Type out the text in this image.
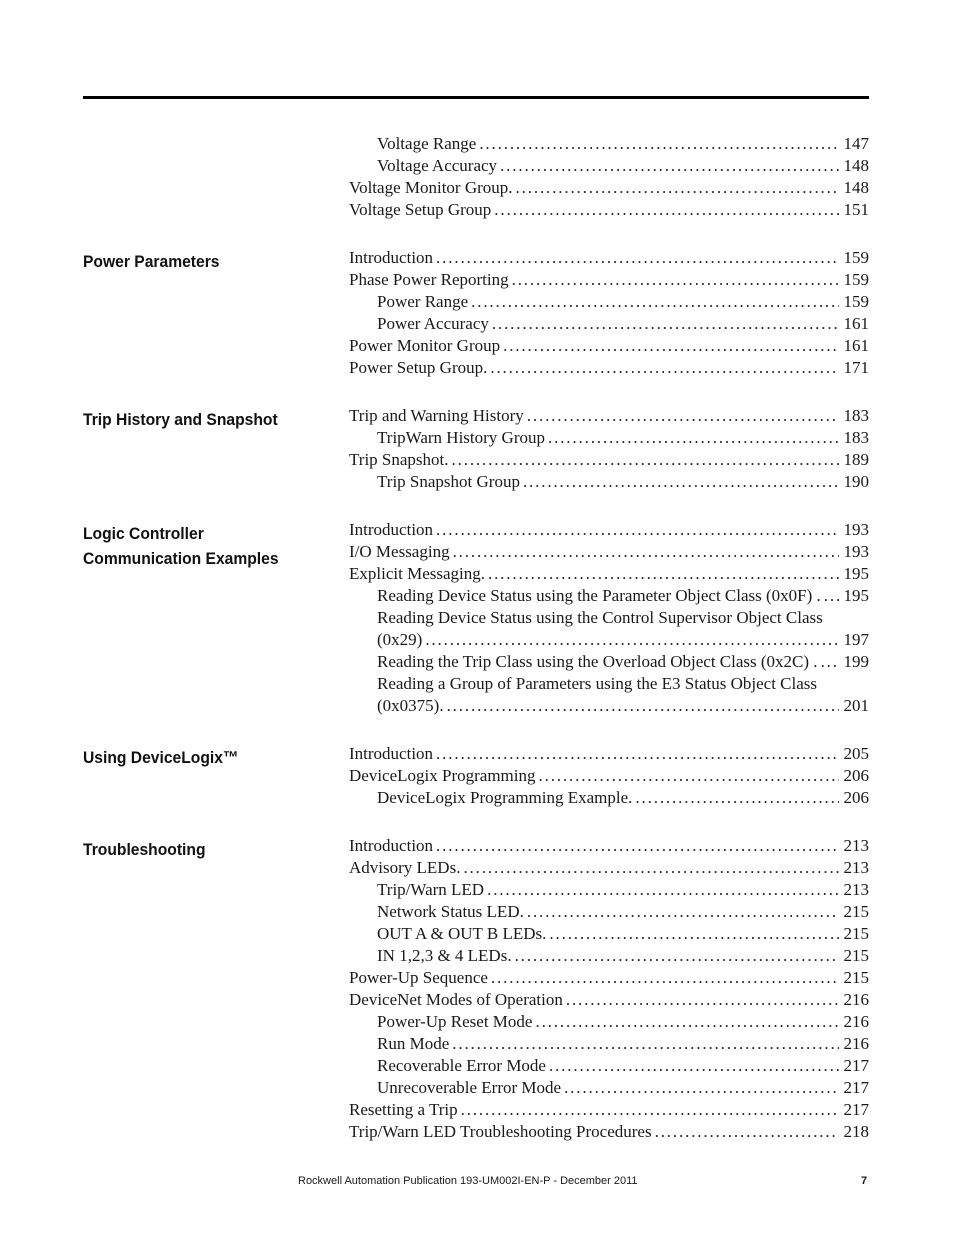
Voltage Range . . .	147
Voltage Accuracy . . .	148
Voltage Monitor Group. . . .	148
Voltage Setup Group . . .	151
Power Parameters	Introduction . . .	159
Phase Power Reporting . . .	159
Power Range . . .	159
Power Accuracy . . .	161
Power Monitor Group . . .	161
Power Setup Group. . . .	171
Trip History and Snapshot	Trip and Warning History . . .	183
TripWarn History Group . . .	183
Trip Snapshot. . . .	189
Trip Snapshot Group . . .	190
Logic Controller Communication Examples
Introduction . . .	193
I/O Messaging . . .	193
Explicit Messaging. . . .	195
Reading Device Status using the Parameter Object Class (0x0F) . . . . 195
Reading Device Status using the Control Supervisor Object Class
(0x29) . . .	197
Reading the Trip Class using the Overload Object Class (0x2C) . . . . 199
Reading a Group of Parameters using the E3 Status Object Class
(0x0375). . . .	201
Using DeviceLogix™	Introduction . . .	205
DeviceLogix Programming . . .	206
DeviceLogix Programming Example. . . .	206
Troubleshooting	Introduction . . .	213
Advisory LEDs. . . .	213
Trip/Warn LED . . .	213
Network Status LED. . . .	215
OUT A & OUT B LEDs. . . .	215
IN 1,2,3 & 4 LEDs. . . .	215
Power-Up Sequence . . .	215
DeviceNet Modes of Operation . . .	216
Power-Up Reset Mode . . .	216
Run Mode . . .	216
Recoverable Error Mode . . .	217
Unrecoverable Error Mode . . .	217
Resetting a Trip . . .	217
Trip/Warn LED Troubleshooting Procedures . . .	218
Rockwell Automation Publication 193-UM002I-EN-P - December 2011	7
